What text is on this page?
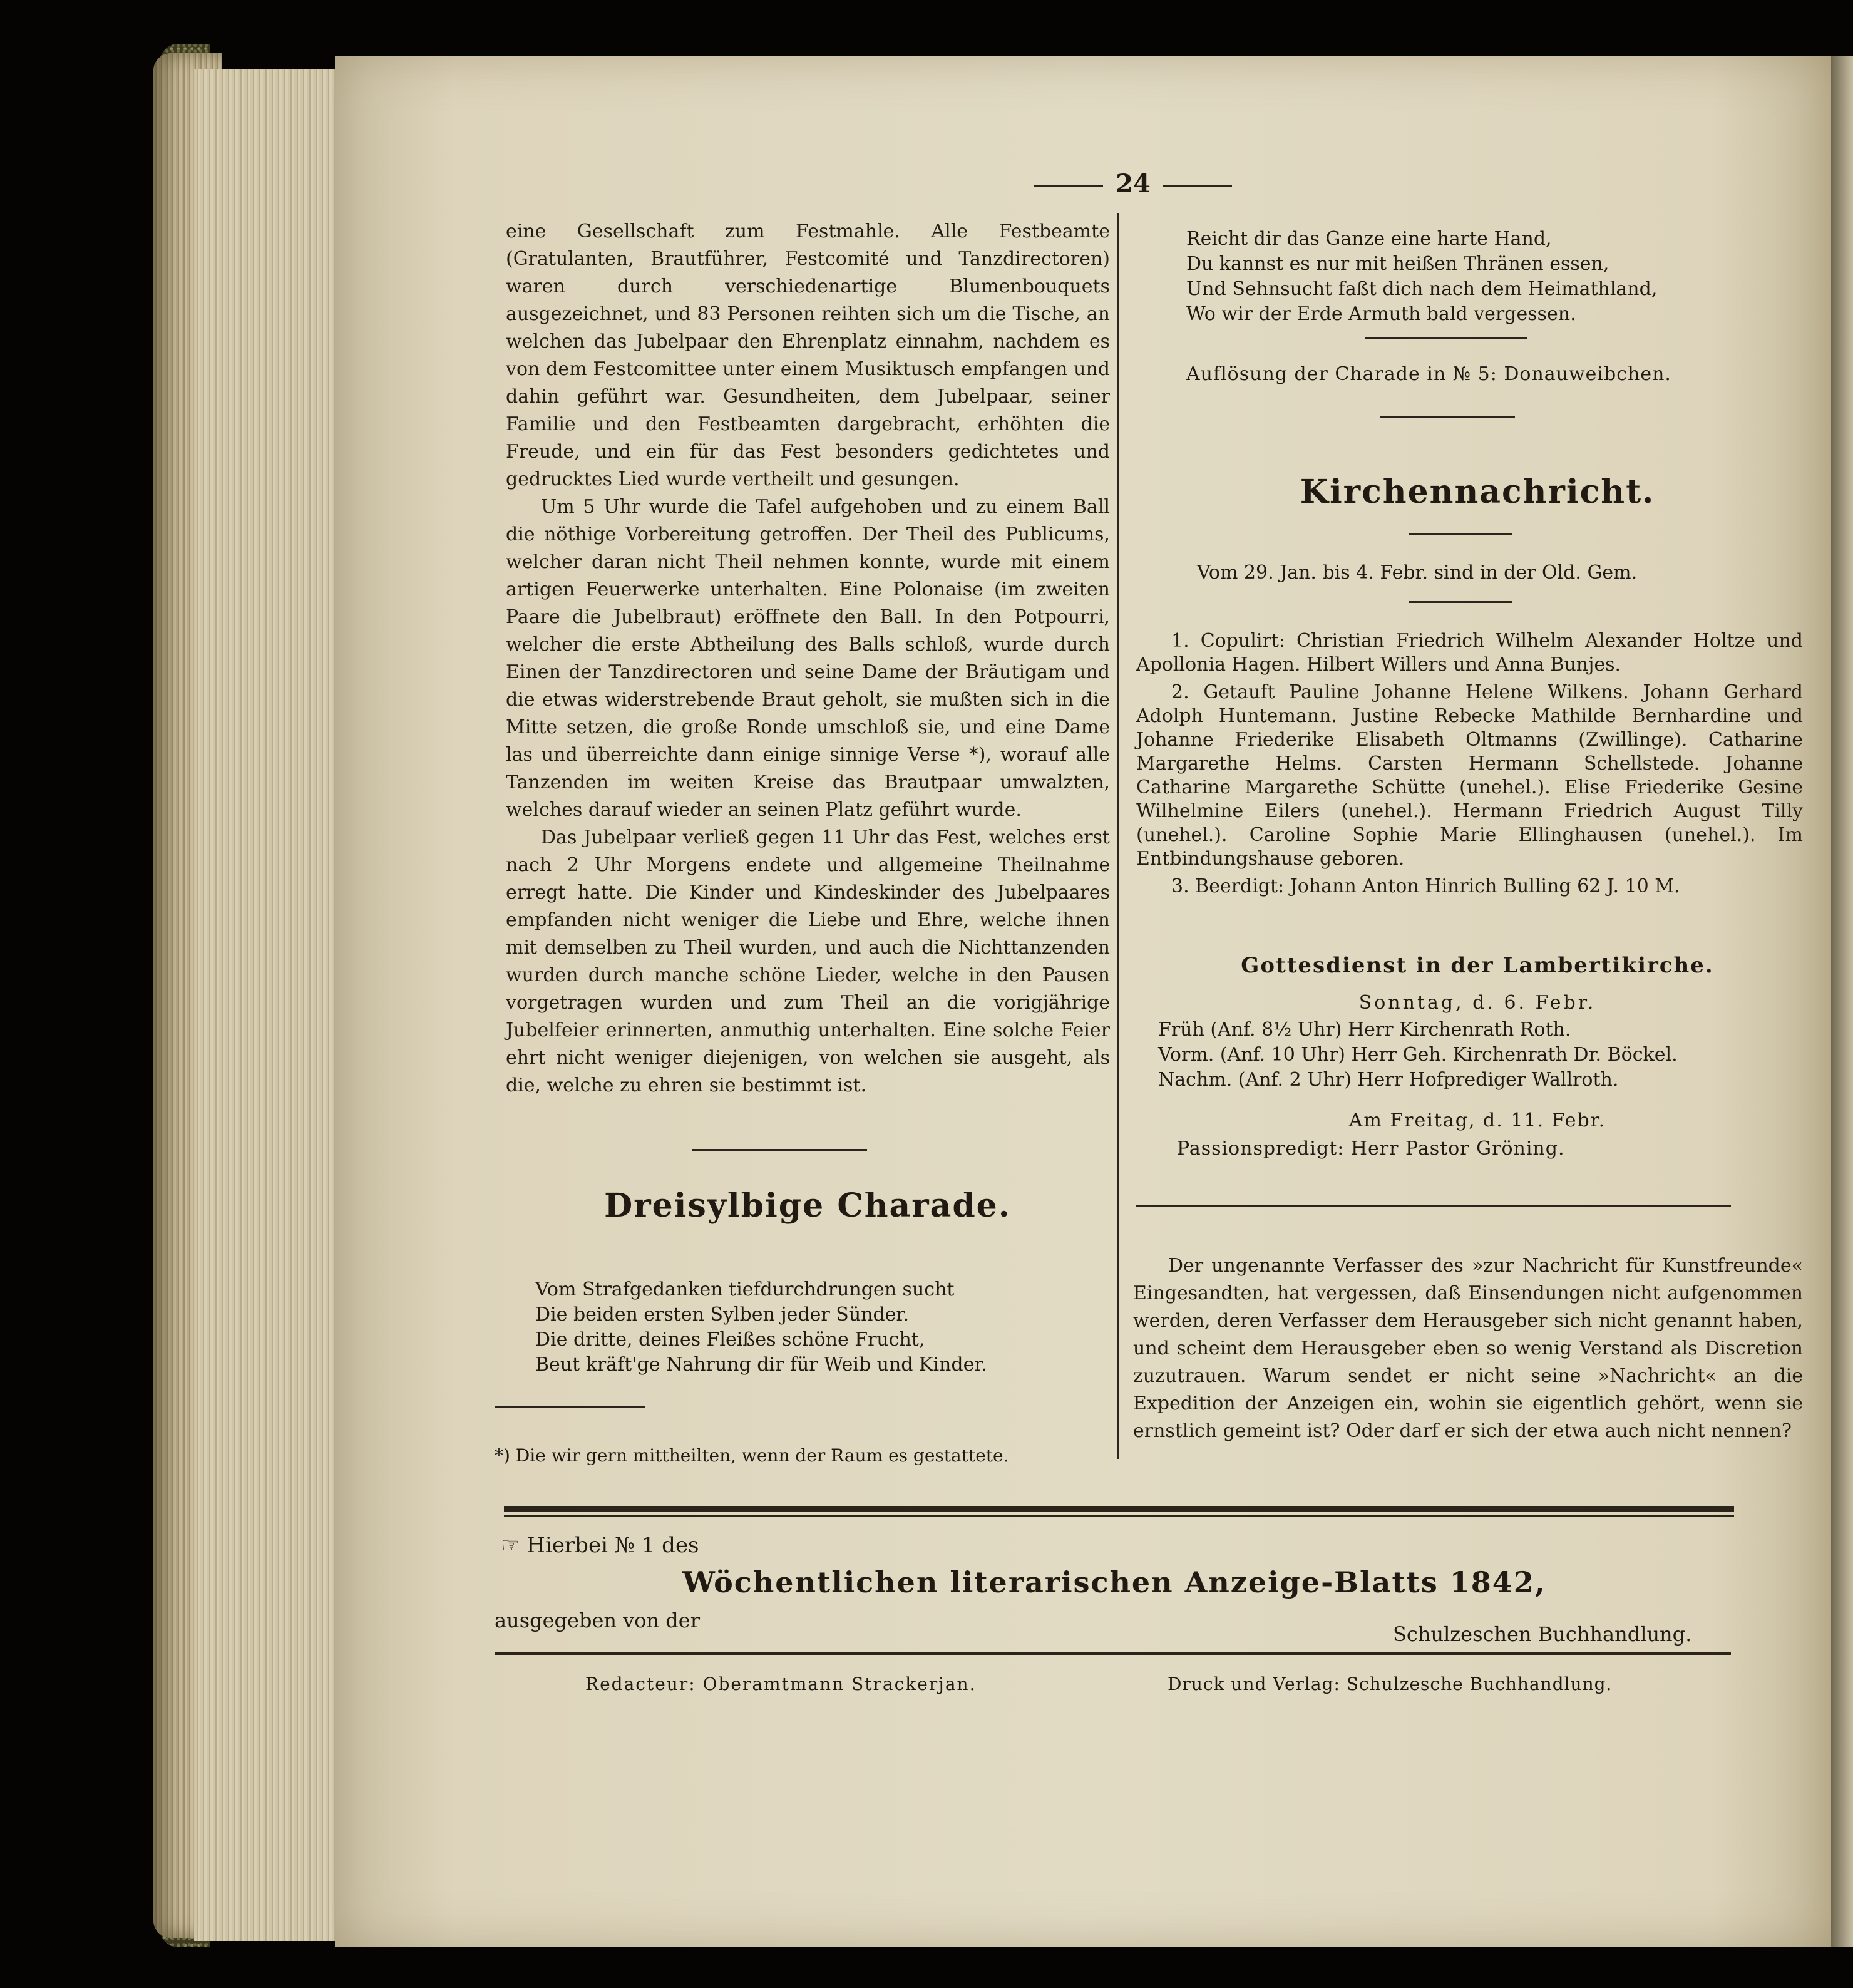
24

eine Gesellschaft zum Festmahle. Alle Festbeamte (Gratulanten, Brautführer, Festcomité und Tanzdirectoren) waren durch verschiedenartige Blumenbouquets ausgezeichnet, und 83 Personen reihten sich um die Tische, an welchen das Jubelpaar den Ehrenplatz einnahm, nachdem es von dem Festcomittee unter einem Musiktusch empfangen und dahin geführt war. Gesundheiten, dem Jubelpaar, seiner Familie und den Festbeamten dargebracht, erhöhten die Freude, und ein für das Fest besonders gedichtetes und gedrucktes Lied wurde vertheilt und gesungen.

Um 5 Uhr wurde die Tafel aufgehoben und zu einem Ball die nöthige Vorbereitung getroffen. Der Theil des Publicums, welcher daran nicht Theil nehmen konnte, wurde mit einem artigen Feuerwerke unterhalten. Eine Polonaise (im zweiten Paare die Jubelbraut) eröffnete den Ball. In den Potpourri, welcher die erste Abtheilung des Balls schloß, wurde durch Einen der Tanzdirectoren und seine Dame der Bräutigam und die etwas widerstrebende Braut geholt, sie mußten sich in die Mitte setzen, die große Ronde umschloß sie, und eine Dame las und überreichte dann einige sinnige Verse *), worauf alle Tanzenden im weiten Kreise das Brautpaar umwalzten, welches darauf wieder an seinen Platz geführt wurde.

Das Jubelpaar verließ gegen 11 Uhr das Fest, welches erst nach 2 Uhr Morgens endete und allgemeine Theilnahme erregt hatte. Die Kinder und Kindeskinder des Jubelpaares empfanden nicht weniger die Liebe und Ehre, welche ihnen mit demselben zu Theil wurden, und auch die Nichttanzenden wurden durch manche schöne Lieder, welche in den Pausen vorgetragen wurden und zum Theil an die vorigjährige Jubelfeier erinnerten, anmuthig unterhalten. Eine solche Feier ehrt nicht weniger diejenigen, von welchen sie ausgeht, als die, welche zu ehren sie bestimmt ist.

Dreisylbige Charade.
Vom Strafgedanken tiefdurchdrungen sucht
Die beiden ersten Sylben jeder Sünder.
Die dritte, deines Fleißes schöne Frucht,
Beut kräft'ge Nahrung dir für Weib und Kinder.
*) Die wir gern mittheilten, wenn der Raum es gestattete.
Reicht dir das Ganze eine harte Hand,
Du kannst es nur mit heißen Thränen essen,
Und Sehnsucht faßt dich nach dem Heimathland,
Wo wir der Erde Armuth bald vergessen.
Auflösung der Charade in № 5: Donauweibchen.
Kirchennachricht.
Vom 29. Jan. bis 4. Febr. sind in der Old. Gem.

1. Copulirt: Christian Friedrich Wilhelm Alexander Holtze und Apollonia Hagen. Hilbert Willers und Anna Bunjes.

2. Getauft Pauline Johanne Helene Wilkens. Johann Gerhard Adolph Huntemann. Justine Rebecke Mathilde Bernhardine und Johanne Friederike Elisabeth Oltmanns (Zwillinge). Catharine Margarethe Helms. Carsten Hermann Schellstede. Johanne Catharine Margarethe Schütte (unehel.). Elise Friederike Gesine Wilhelmine Eilers (unehel.). Hermann Friedrich August Tilly (unehel.). Caroline Sophie Marie Ellinghausen (unehel.). Im Entbindungshause geboren.

3. Beerdigt: Johann Anton Hinrich Bulling 62 J. 10 M.

Gottesdienst in der Lambertikirche.
Sonntag, d. 6. Febr.
Früh (Anf. 8½ Uhr) Herr Kirchenrath Roth.
Vorm. (Anf. 10 Uhr) Herr Geh. Kirchenrath Dr. Böckel.
Nachm. (Anf. 2 Uhr) Herr Hofprediger Wallroth.
Am Freitag, d. 11. Febr.
Passionspredigt: Herr Pastor Gröning.
Der ungenannte Verfasser des »zur Nachricht für Kunstfreunde« Eingesandten, hat vergessen, daß Einsendungen nicht aufgenommen werden, deren Verfasser dem Herausgeber sich nicht genannt haben, und scheint dem Herausgeber eben so wenig Verstand als Discretion zuzutrauen. Warum sendet er nicht seine »Nachricht« an die Expedition der Anzeigen ein, wohin sie eigentlich gehört, wenn sie ernstlich gemeint ist? Oder darf er sich der etwa auch nicht nennen?
☞ Hierbei № 1 des
Wöchentlichen literarischen Anzeige-Blatts 1842,
ausgegeben von der
Schulzeschen Buchhandlung.
Redacteur: Oberamtmann Strackerjan.	Druck und Verlag: Schulzesche Buchhandlung.
